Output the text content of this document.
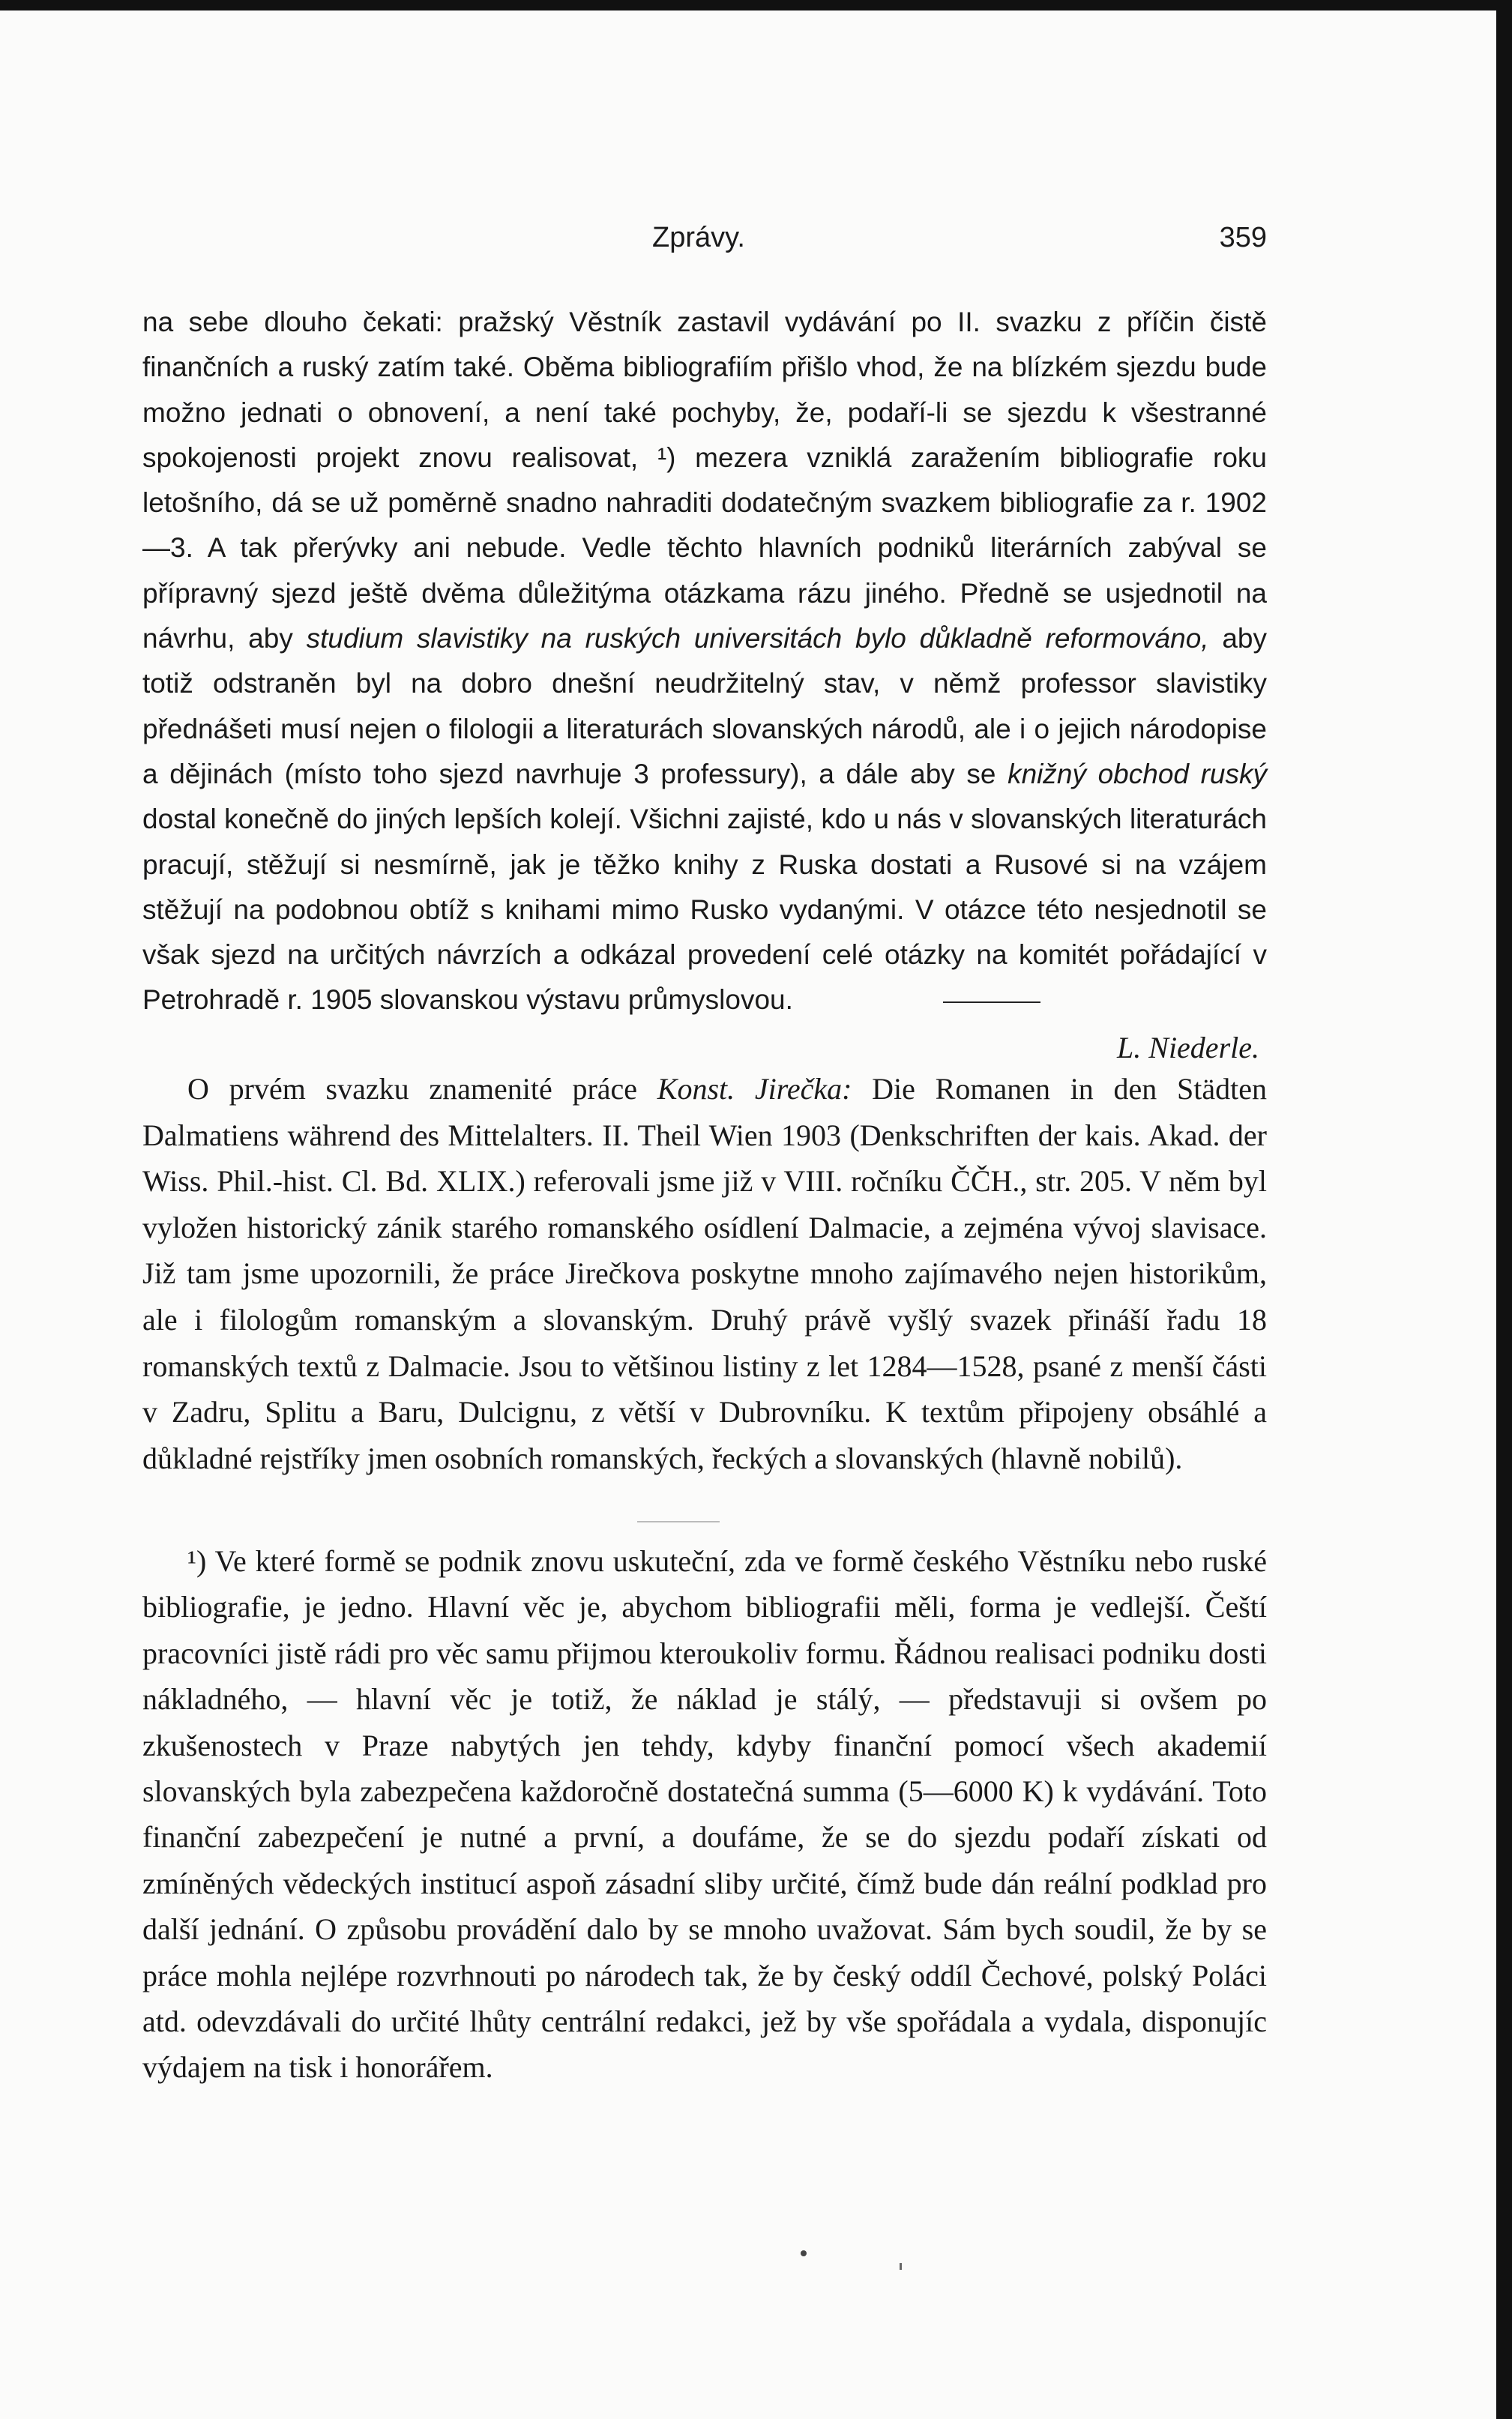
Zprávy.	359

na sebe dlouho čekati: pražský Věstník zastavil vydávání po II. svazku z příčin čistě finančních a ruský zatím také. Oběma bibliografiím přišlo vhod, že na blízkém sjezdu bude možno jednati o obnovení, a není také pochyby, že, podaří-li se sjezdu k všestranné spokojenosti projekt znovu realisovat, ¹) mezera vzniklá zaražením bibliografie roku letošního, dá se už poměrně snadno nahraditi dodatečným svazkem bibliografie za r. 1902—3. A tak přerývky ani nebude. Vedle těchto hlavních podniků literárních zabýval se přípravný sjezd ještě dvěma důležitýma otázkama rázu jiného. Předně se usjednotil na návrhu, aby studium slavistiky na ruských universitách bylo důkladně reformováno, aby totiž odstraněn byl na dobro dnešní neudržitelný stav, v němž professor slavistiky přednášeti musí nejen o filologii a literaturách slovanských národů, ale i o jejich národopise a dějinách (místo toho sjezd navrhuje 3 professury), a dále aby se knižný obchod ruský dostal konečně do jiných lepších kolejí. Všichni zajisté, kdo u nás v slovanských literaturách pracují, stěžují si nesmírně, jak je těžko knihy z Ruska dostati a Rusové si na vzájem stěžují na podobnou obtíž s knihami mimo Rusko vydanými. V otázce této nesjednotil se však sjezd na určitých návrzích a odkázal provedení celé otázky na komitét pořádající v Petrohradě r. 1905 slovanskou výstavu průmyslovou.

L. Niederle.

O prvém svazku znamenité práce Konst. Jirečka: Die Romanen in den Städten Dalmatiens während des Mittelalters. II. Theil Wien 1903 (Denkschriften der kais. Akad. der Wiss. Phil.-hist. Cl. Bd. XLIX.) referovali jsme již v VIII. ročníku ČČH., str. 205. V něm byl vyložen historický zánik starého romanského osídlení Dalmacie, a zejména vývoj slavisace. Již tam jsme upozornili, že práce Jirečkova poskytne mnoho zajímavého nejen historikům, ale i filologům romanským a slovanským. Druhý právě vyšlý svazek přináší řadu 18 romanských textů z Dalmacie. Jsou to většinou listiny z let 1284—1528, psané z menší části v Zadru, Splitu a Baru, Dulcignu, z větší v Dubrovníku. K textům připojeny obsáhlé a důkladné rejstříky jmen osobních romanských, řeckých a slovanských (hlavně nobilů).

¹) Ve které formě se podnik znovu uskuteční, zda ve formě českého Věstníku nebo ruské bibliografie, je jedno. Hlavní věc je, abychom bibliografii měli, forma je vedlejší. Čeští pracovníci jistě rádi pro věc samu přijmou kteroukoliv formu. Řádnou realisaci podniku dosti nákladného, — hlavní věc je totiž, že náklad je stálý, — představuji si ovšem po zkušenostech v Praze nabytých jen tehdy, kdyby finanční pomocí všech akademií slovanských byla zabezpečena každoročně dostatečná summa (5—6000 K) k vydávání. Toto finanční zabezpečení je nutné a první, a doufáme, že se do sjezdu podaří získati od zmíněných vědeckých institucí aspoň zásadní sliby určité, čímž bude dán reální podklad pro další jednání. O způsobu provádění dalo by se mnoho uvažovat. Sám bych soudil, že by se práce mohla nejlépe rozvrhnouti po národech tak, že by český oddíl Čechové, polský Poláci atd. odevzdávali do určité lhůty centrální redakci, jež by vše spořádala a vydala, disponujíc výdajem na tisk i honorářem.
